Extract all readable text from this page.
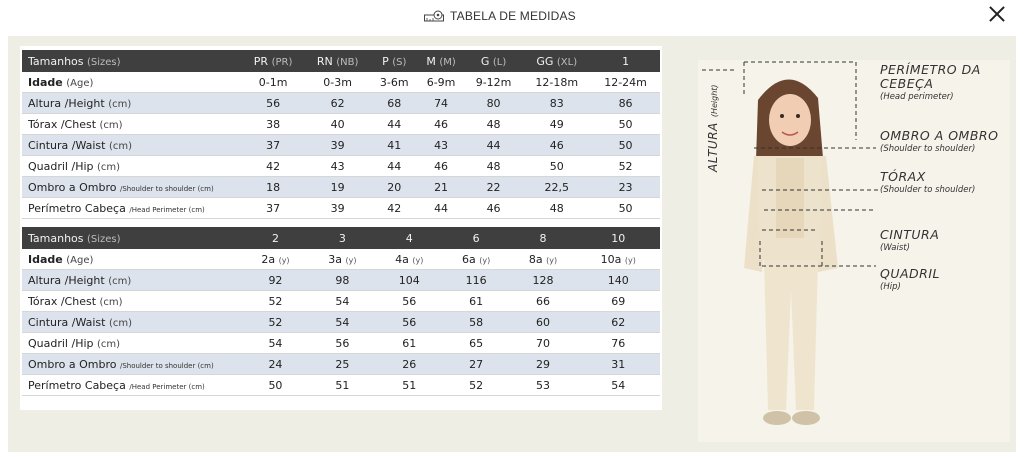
TABELA DE MEDIDAS
Tamanhos (Sizes)	PR (PR)	RN (NB)	P (S)	M (M)	G (L)	GG (XL)	1
Idade (Age)	0-1m	0-3m	3-6m	6-9m	9-12m	12-18m	12-24m
Altura /Height (cm)	56	62	68	74	80	83	86
Tórax /Chest (cm)	38	40	44	46	48	49	50
Cintura /Waist (cm)	37	39	41	43	44	46	50
Quadril /Hip (cm)	42	43	44	46	48	50	52
Ombro a Ombro /Shoulder to shoulder (cm)	18	19	20	21	22	22,5	23
Perímetro Cabeça /Head Perimeter (cm)	37	39	42	44	46	48	50
Tamanhos (Sizes)	2	3	4	6	8	10
Idade (Age)	2a (y)	3a (y)	4a (y)	6a (y)	8a (y)	10a (y)
Altura /Height (cm)	92	98	104	116	128	140
Tórax /Chest (cm)	52	54	56	61	66	69
Cintura /Waist (cm)	52	54	56	58	60	62
Quadril /Hip (cm)	54	56	61	65	70	76
Ombro a Ombro /Shoulder to shoulder (cm)	24	25	26	27	29	31
Perímetro Cabeça /Head Perimeter (cm)	50	51	51	52	53	54
ALTURA (Height)
PERÍMETRO DA CEBEÇA
(Head perimeter)
OMBRO A OMBRO
(Shoulder to shoulder)
TÓRAX
(Shoulder to shoulder)
CINTURA
(Waist)
QUADRIL
(Hip)
